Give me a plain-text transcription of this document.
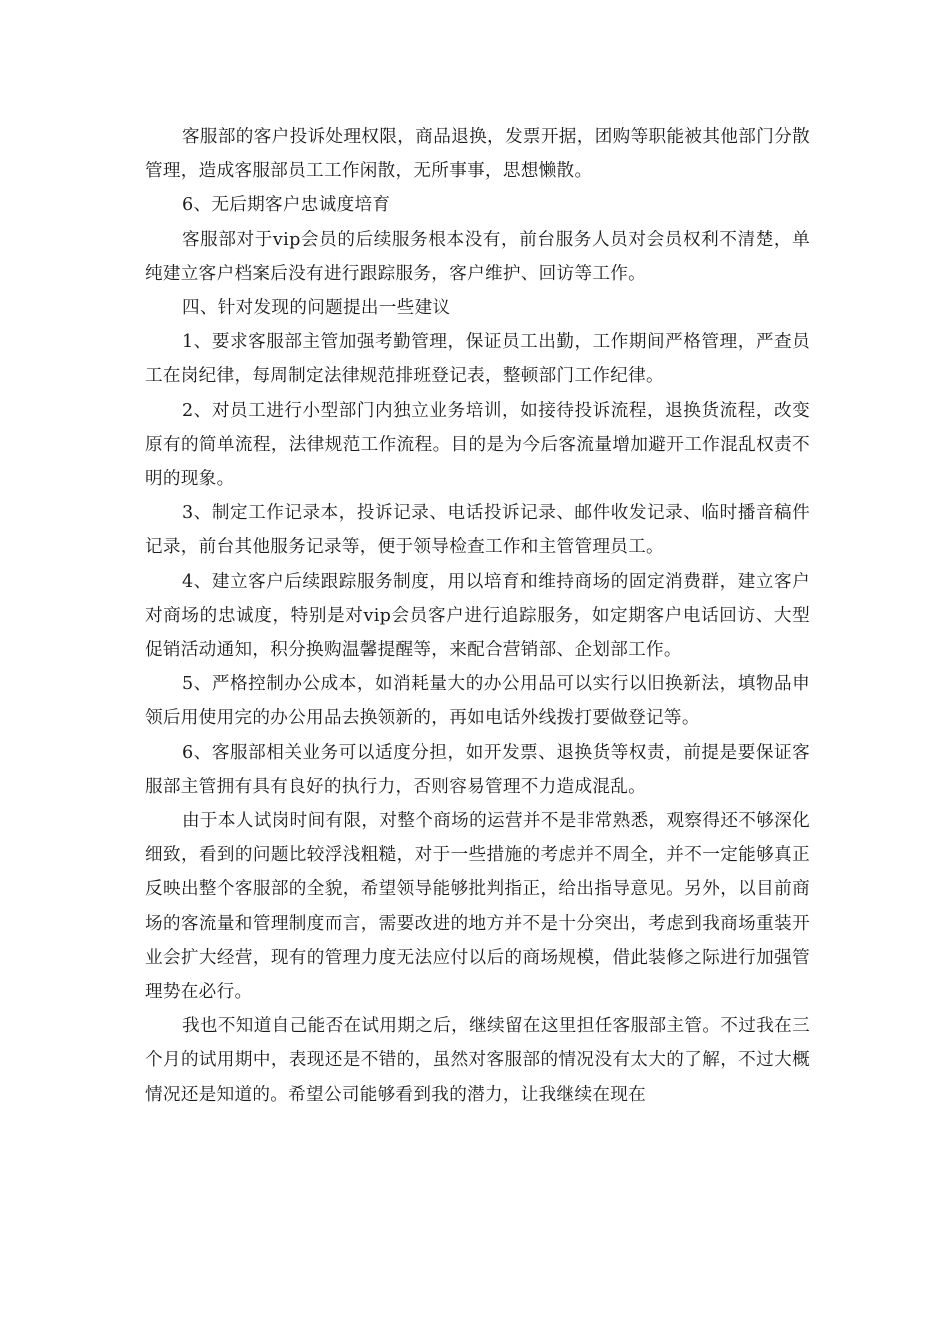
客服部的客户投诉处理权限，商品退换，发票开据，团购等职能被其他部门分散管理，造成客服部员工工作闲散，无所事事，思想懒散。

6、无后期客户忠诚度培育

客服部对于vip会员的后续服务根本没有，前台服务人员对会员权利不清楚，单纯建立客户档案后没有进行跟踪服务，客户维护、回访等工作。

四、针对发现的问题提出一些建议

1、要求客服部主管加强考勤管理，保证员工出勤，工作期间严格管理，严查员工在岗纪律，每周制定法律规范排班登记表，整顿部门工作纪律。

2、对员工进行小型部门内独立业务培训，如接待投诉流程，退换货流程，改变原有的简单流程，法律规范工作流程。目的是为今后客流量增加避开工作混乱权责不明的现象。

3、制定工作记录本，投诉记录、电话投诉记录、邮件收发记录、临时播音稿件记录，前台其他服务记录等，便于领导检查工作和主管管理员工。

4、建立客户后续跟踪服务制度，用以培育和维持商场的固定消费群，建立客户对商场的忠诚度，特别是对vip会员客户进行追踪服务，如定期客户电话回访、大型促销活动通知，积分换购温馨提醒等，来配合营销部、企划部工作。

5、严格控制办公成本，如消耗量大的办公用品可以实行以旧换新法，填物品申领后用使用完的办公用品去换领新的，再如电话外线拨打要做登记等。

6、客服部相关业务可以适度分担，如开发票、退换货等权责，前提是要保证客服部主管拥有具有良好的执行力，否则容易管理不力造成混乱。

由于本人试岗时间有限，对整个商场的运营并不是非常熟悉，观察得还不够深化细致，看到的问题比较浮浅粗糙，对于一些措施的考虑并不周全，并不一定能够真正反映出整个客服部的全貌，希望领导能够批判指正，给出指导意见。另外，以目前商场的客流量和管理制度而言，需要改进的地方并不是十分突出，考虑到我商场重装开业会扩大经营，现有的管理力度无法应付以后的商场规模，借此装修之际进行加强管理势在必行。

我也不知道自己能否在试用期之后，继续留在这里担任客服部主管。不过我在三个月的试用期中，表现还是不错的，虽然对客服部的情况没有太大的了解，不过大概情况还是知道的。希望公司能够看到我的潜力，让我继续在现在
